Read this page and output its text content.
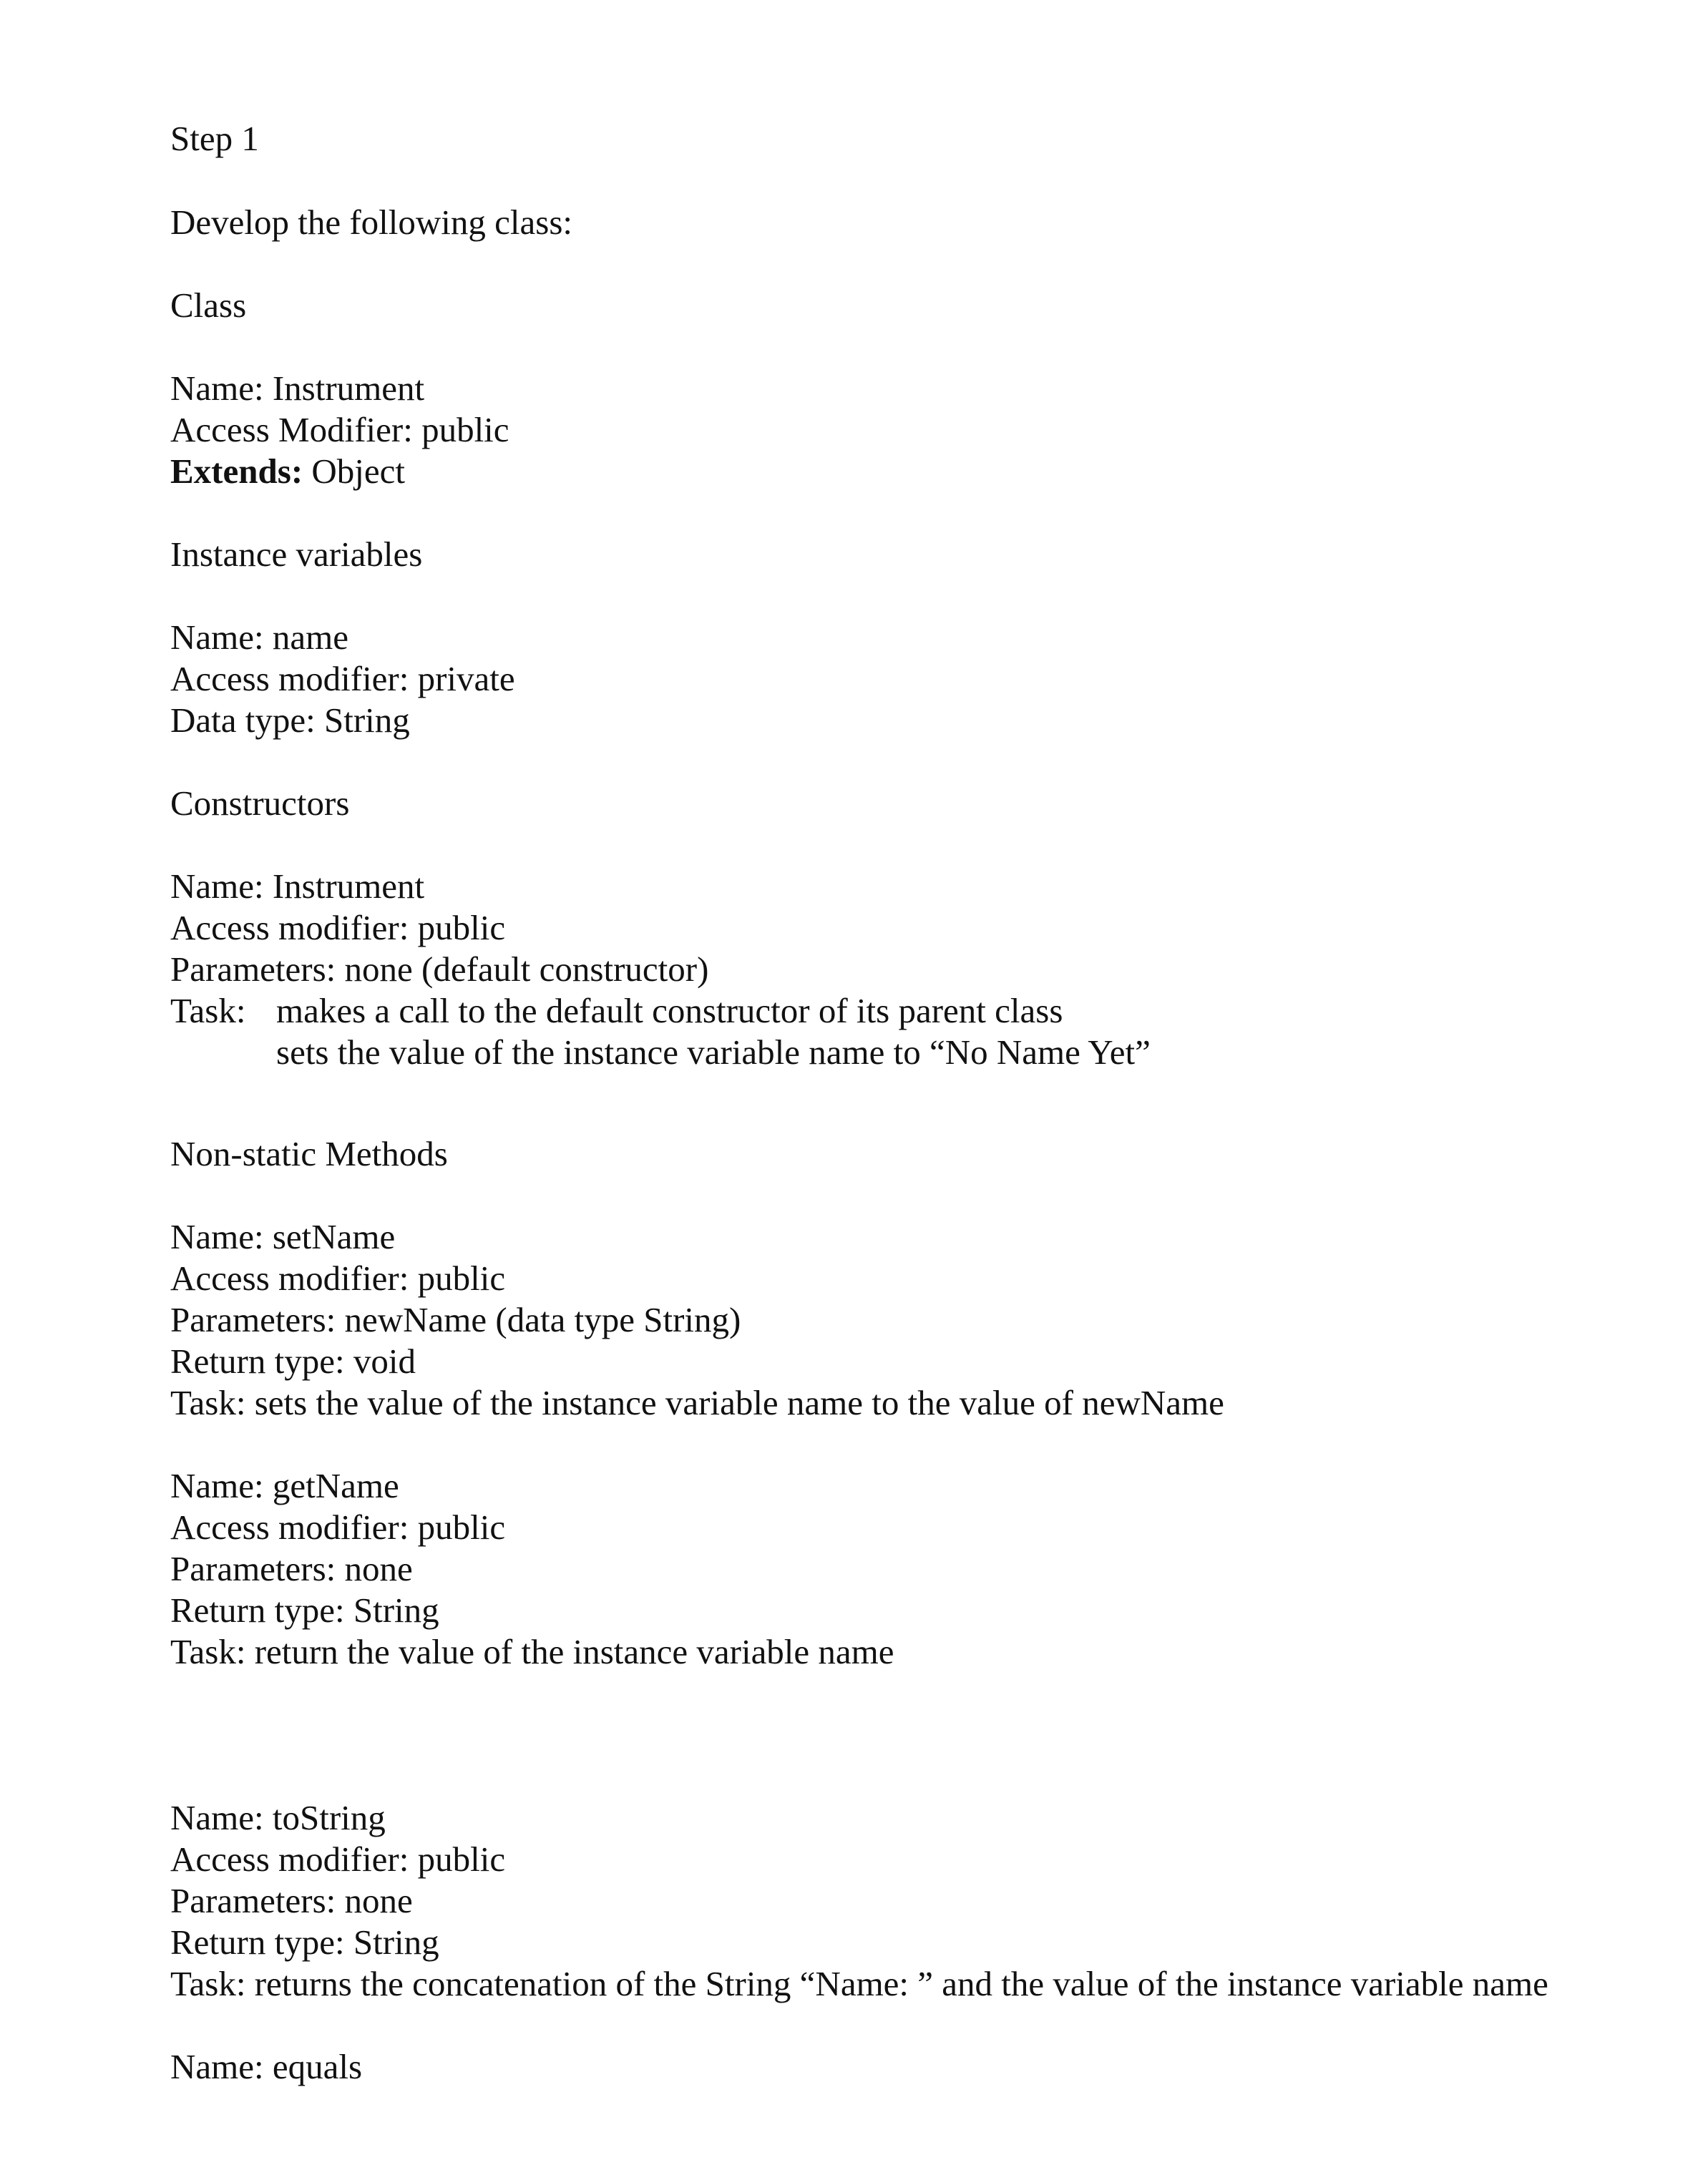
Step 1
Develop the following class:
Class
Name: Instrument
Access Modifier: public
Extends: Object
Instance variables
Name: name
Access modifier: private
Data type: String
Constructors
Name: Instrument
Access modifier: public
Parameters: none (default constructor)
Task: makes a call to the default constructor of its parent class
sets the value of the instance variable name to “No Name Yet”
Non-static Methods
Name: setName
Access modifier: public
Parameters: newName (data type String)
Return type: void
Task: sets the value of the instance variable name to the value of newName
Name: getName
Access modifier: public
Parameters: none
Return type: String
Task: return the value of the instance variable name
Name: toString
Access modifier: public
Parameters: none
Return type: String
Task: returns the concatenation of the String “Name: ” and the value of the instance variable name
Name: equals
